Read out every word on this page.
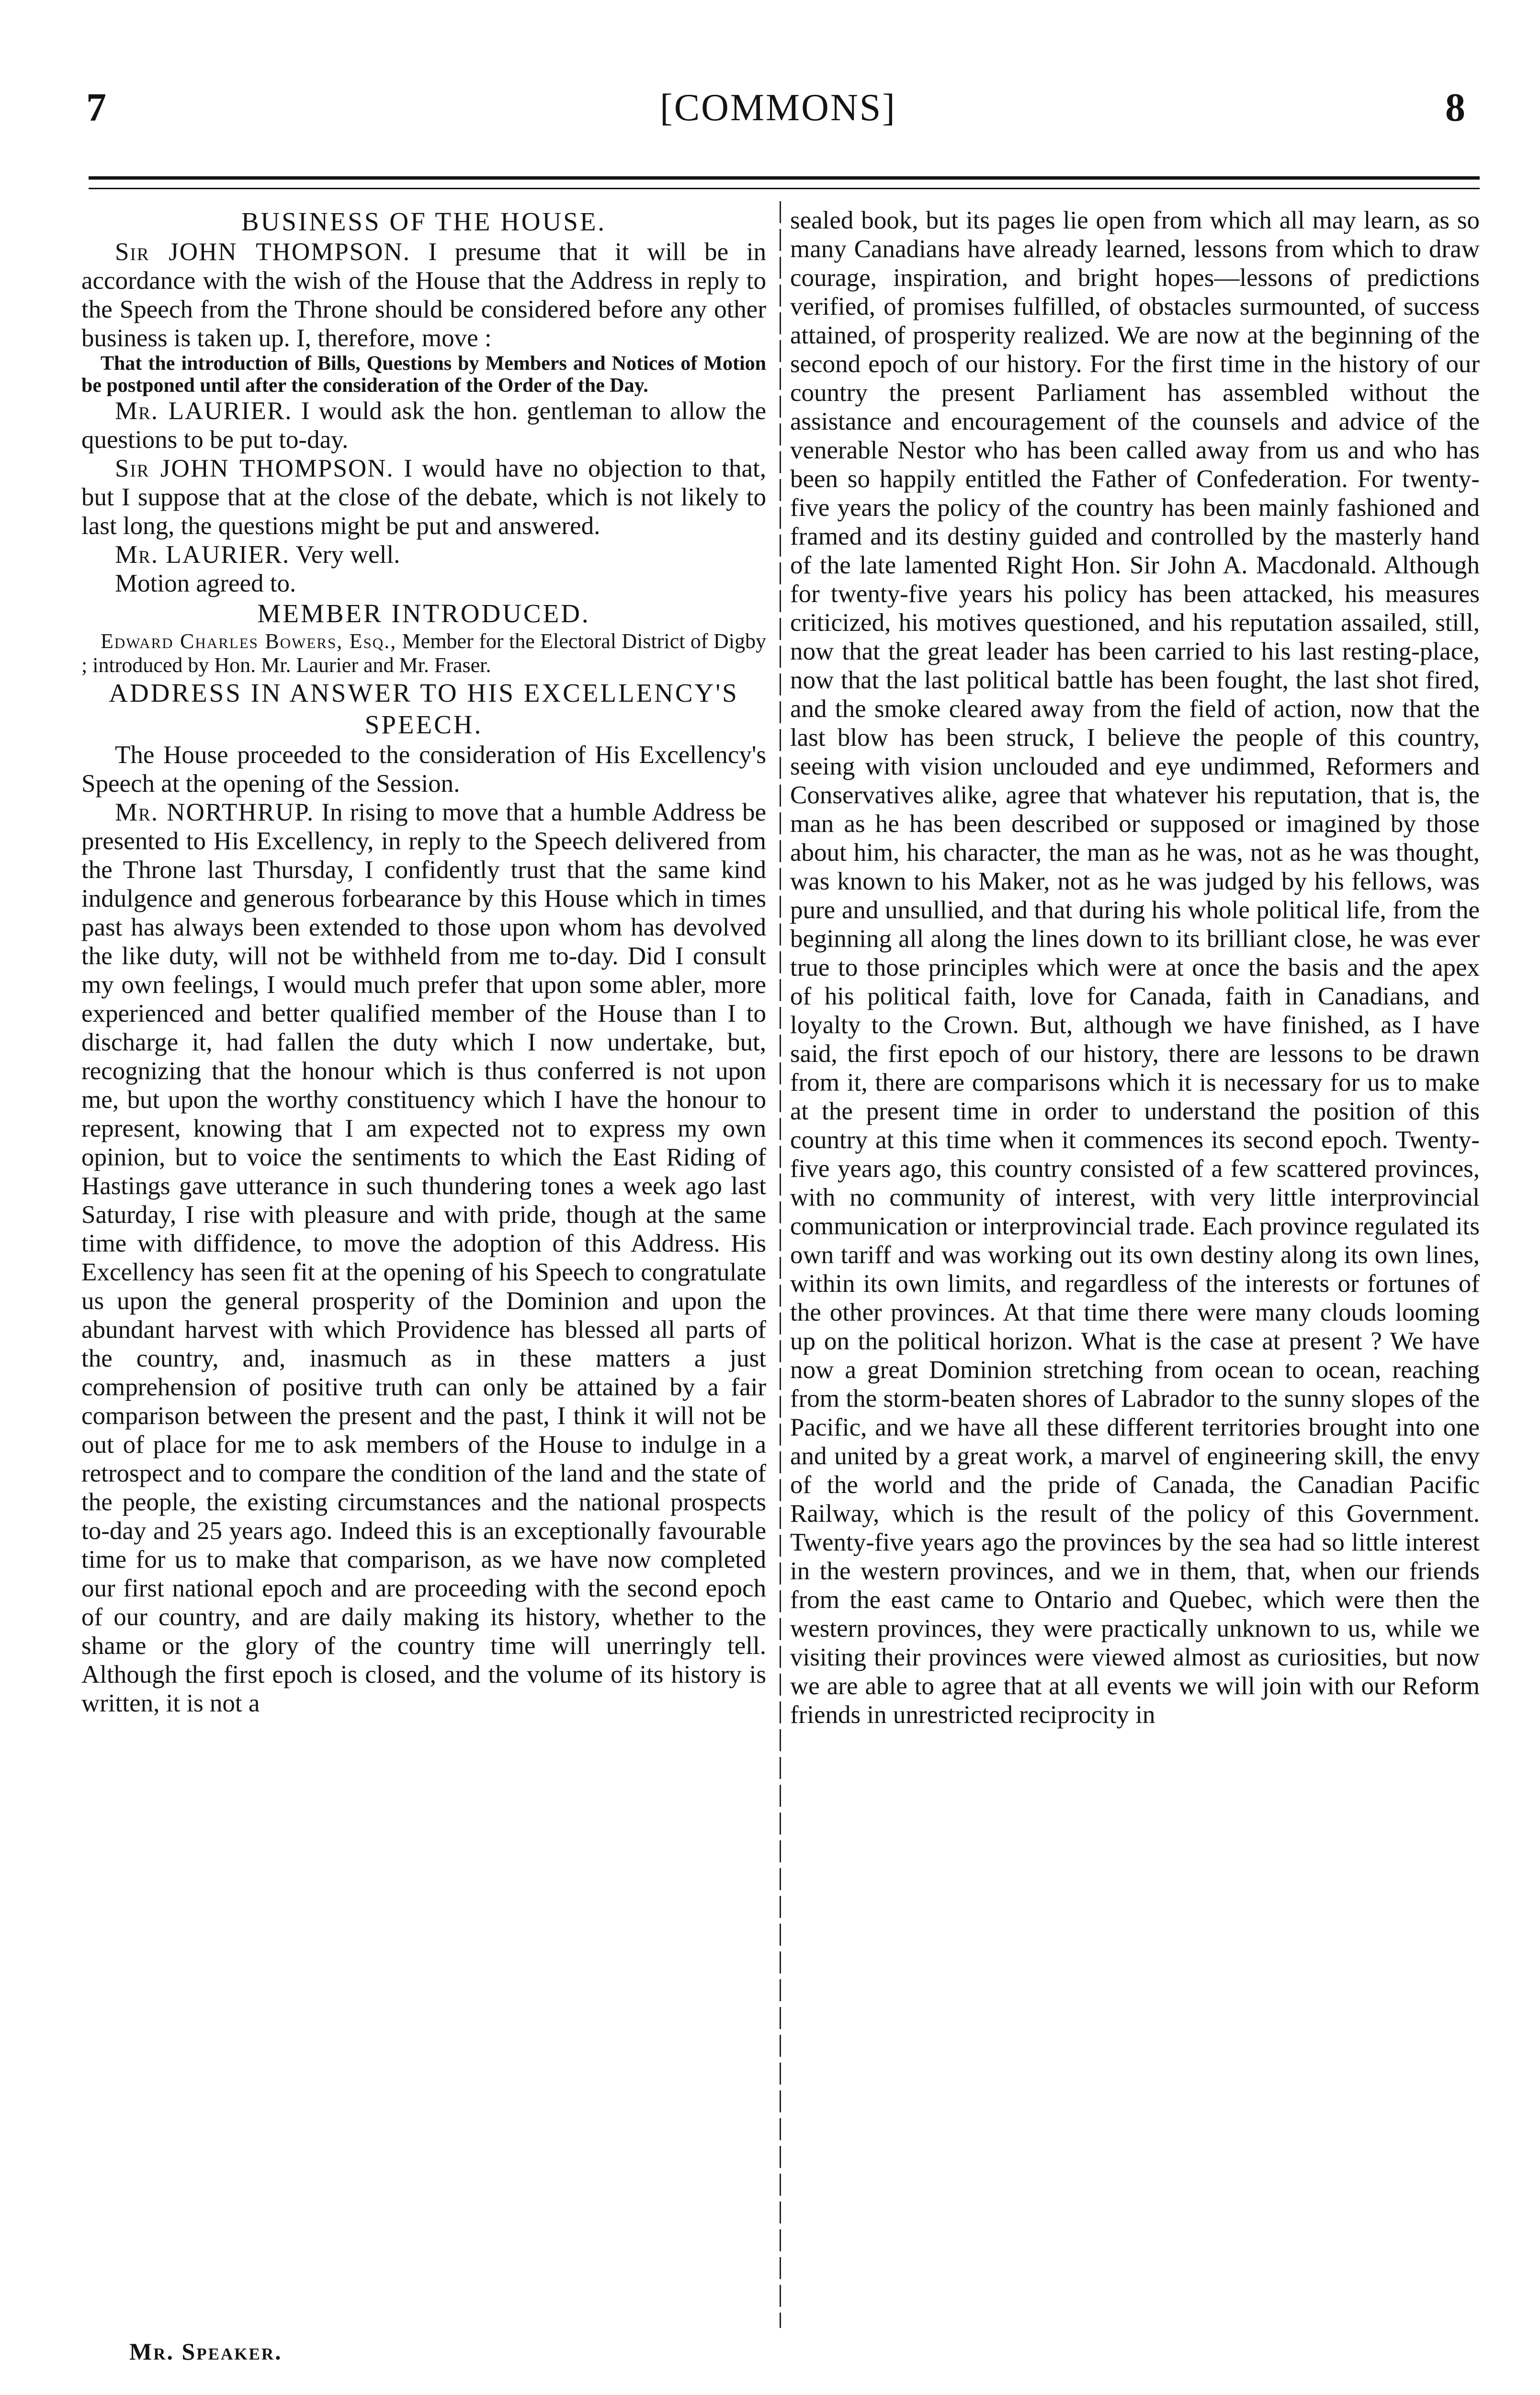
7	[COMMONS]	8

BUSINESS OF THE HOUSE.

Sir JOHN THOMPSON. I presume that it will be in accordance with the wish of the House that the Address in reply to the Speech from the Throne should be considered before any other business is taken up. I, therefore, move :

That the introduction of Bills, Questions by Members and Notices of Motion be postponed until after the consideration of the Order of the Day.

Mr. LAURIER. I would ask the hon. gentleman to allow the questions to be put to-day.

Sir JOHN THOMPSON. I would have no objection to that, but I suppose that at the close of the debate, which is not likely to last long, the questions might be put and answered.

Mr. LAURIER. Very well.

Motion agreed to.

MEMBER INTRODUCED.

Edward Charles Bowers, Esq., Member for the Electoral District of Digby ; introduced by Hon. Mr. Laurier and Mr. Fraser.

ADDRESS IN ANSWER TO HIS EXCELLENCY'S SPEECH.

The House proceeded to the consideration of His Excellency's Speech at the opening of the Session.

Mr. NORTHRUP. In rising to move that a humble Address be presented to His Excellency, in reply to the Speech delivered from the Throne last Thursday, I confidently trust that the same kind indulgence and generous forbearance by this House which in times past has always been extended to those upon whom has devolved the like duty, will not be withheld from me to-day. Did I consult my own feelings, I would much prefer that upon some abler, more experienced and better qualified member of the House than I to discharge it, had fallen the duty which I now undertake, but, recognizing that the honour which is thus conferred is not upon me, but upon the worthy constituency which I have the honour to represent, knowing that I am expected not to express my own opinion, but to voice the sentiments to which the East Riding of Hastings gave utterance in such thundering tones a week ago last Saturday, I rise with pleasure and with pride, though at the same time with diffidence, to move the adoption of this Address. His Excellency has seen fit at the opening of his Speech to congratulate us upon the general prosperity of the Dominion and upon the abundant harvest with which Providence has blessed all parts of the country, and, inasmuch as in these matters a just comprehension of positive truth can only be attained by a fair comparison between the present and the past, I think it will not be out of place for me to ask members of the House to indulge in a retrospect and to compare the condition of the land and the state of the people, the existing circumstances and the national prospects to-day and 25 years ago. Indeed this is an exceptionally favourable time for us to make that comparison, as we have now completed our first national epoch and are proceeding with the second epoch of our country, and are daily making its history, whether to the shame or the glory of the country time will unerringly tell. Although the first epoch is closed, and the volume of its history is written, it is not a

sealed book, but its pages lie open from which all may learn, as so many Canadians have already learned, lessons from which to draw courage, inspiration, and bright hopes—lessons of predictions verified, of promises fulfilled, of obstacles surmounted, of success attained, of prosperity realized. We are now at the beginning of the second epoch of our history. For the first time in the history of our country the present Parliament has assembled without the assistance and encouragement of the counsels and advice of the venerable Nestor who has been called away from us and who has been so happily entitled the Father of Confederation. For twenty-five years the policy of the country has been mainly fashioned and framed and its destiny guided and controlled by the masterly hand of the late lamented Right Hon. Sir John A. Macdonald. Although for twenty-five years his policy has been attacked, his measures criticized, his motives questioned, and his reputation assailed, still, now that the great leader has been carried to his last resting-place, now that the last political battle has been fought, the last shot fired, and the smoke cleared away from the field of action, now that the last blow has been struck, I believe the people of this country, seeing with vision unclouded and eye undimmed, Reformers and Conservatives alike, agree that whatever his reputation, that is, the man as he has been described or supposed or imagined by those about him, his character, the man as he was, not as he was thought, was known to his Maker, not as he was judged by his fellows, was pure and unsullied, and that during his whole political life, from the beginning all along the lines down to its brilliant close, he was ever true to those principles which were at once the basis and the apex of his political faith, love for Canada, faith in Canadians, and loyalty to the Crown. But, although we have finished, as I have said, the first epoch of our history, there are lessons to be drawn from it, there are comparisons which it is necessary for us to make at the present time in order to understand the position of this country at this time when it commences its second epoch. Twenty-five years ago, this country consisted of a few scattered provinces, with no community of interest, with very little interprovincial communication or interprovincial trade. Each province regulated its own tariff and was working out its own destiny along its own lines, within its own limits, and regardless of the interests or fortunes of the other provinces. At that time there were many clouds looming up on the political horizon. What is the case at present ? We have now a great Dominion stretching from ocean to ocean, reaching from the storm-beaten shores of Labrador to the sunny slopes of the Pacific, and we have all these different territories brought into one and united by a great work, a marvel of engineering skill, the envy of the world and the pride of Canada, the Canadian Pacific Railway, which is the result of the policy of this Government. Twenty-five years ago the provinces by the sea had so little interest in the western provinces, and we in them, that, when our friends from the east came to Ontario and Quebec, which were then the western provinces, they were practically unknown to us, while we visiting their provinces were viewed almost as curiosities, but now we are able to agree that at all events we will join with our Reform friends in unrestricted reciprocity in

Mr. Speaker.
